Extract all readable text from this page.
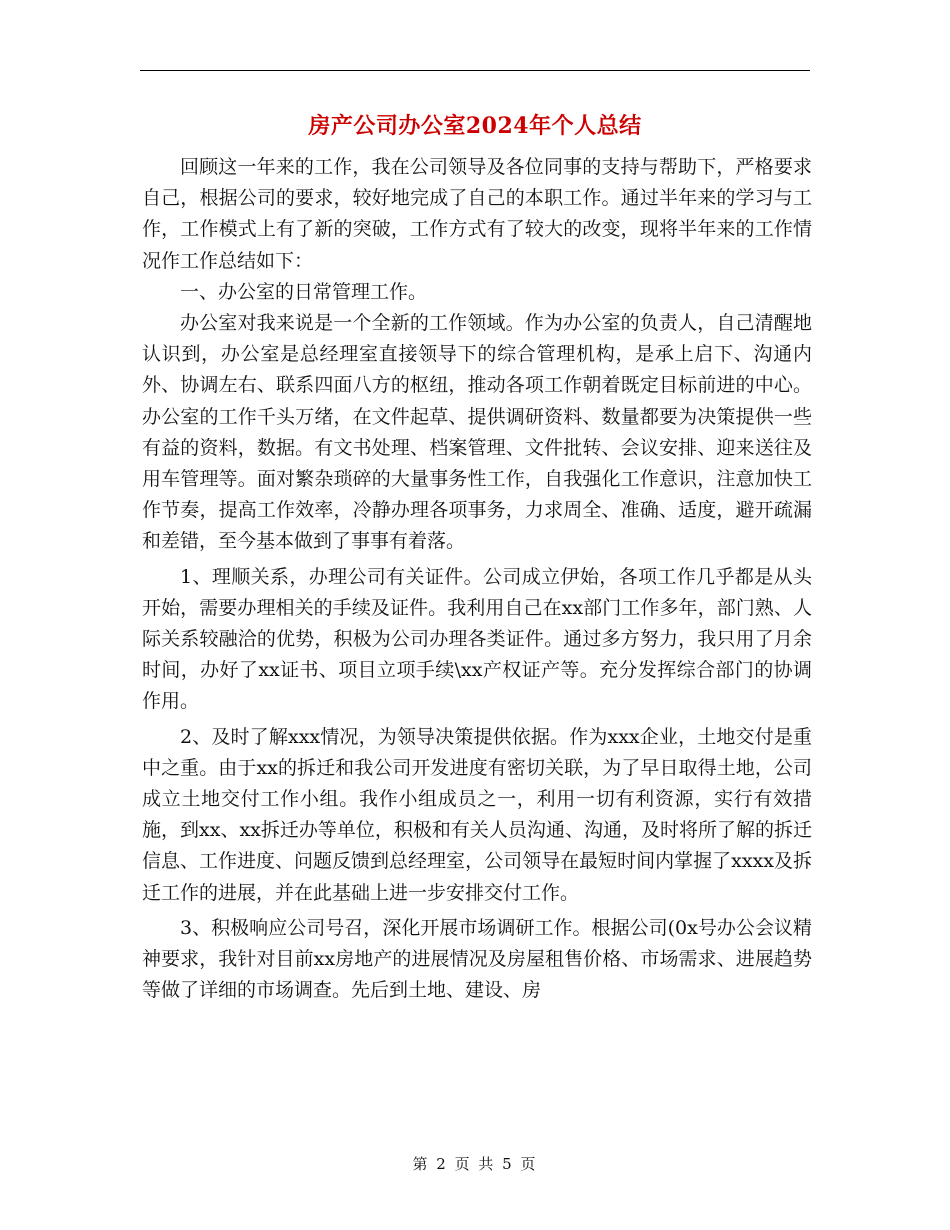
房产公司办公室2024年个人总结

回顾这一年来的工作，我在公司领导及各位同事的支持与帮助下，严格要求自己，根据公司的要求，较好地完成了自己的本职工作。通过半年来的学习与工作，工作模式上有了新的突破，工作方式有了较大的改变，现将半年来的工作情况作工作总结如下：

一、办公室的日常管理工作。

办公室对我来说是一个全新的工作领域。作为办公室的负责人，自己清醒地认识到，办公室是总经理室直接领导下的综合管理机构，是承上启下、沟通内外、协调左右、联系四面八方的枢纽，推动各项工作朝着既定目标前进的中心。办公室的工作千头万绪，在文件起草、提供调研资料、数量都要为决策提供一些有益的资料，数据。有文书处理、档案管理、文件批转、会议安排、迎来送往及用车管理等。面对繁杂琐碎的大量事务性工作，自我强化工作意识，注意加快工作节奏，提高工作效率，冷静办理各项事务，力求周全、准确、适度，避开疏漏和差错，至今基本做到了事事有着落。

1、理顺关系，办理公司有关证件。公司成立伊始，各项工作几乎都是从头开始，需要办理相关的手续及证件。我利用自己在xx部门工作多年，部门熟、人际关系较融洽的优势，积极为公司办理各类证件。通过多方努力，我只用了月余时间，办好了xx证书、项目立项手续\xx产权证产等。充分发挥综合部门的协调作用。

2、及时了解xxx情况，为领导决策提供依据。作为xxx企业，土地交付是重中之重。由于xx的拆迁和我公司开发进度有密切关联，为了早日取得土地，公司成立土地交付工作小组。我作小组成员之一，利用一切有利资源，实行有效措施，到xx、xx拆迁办等单位，积极和有关人员沟通、沟通，及时将所了解的拆迁信息、工作进度、问题反馈到总经理室，公司领导在最短时间内掌握了xxxx及拆迁工作的进展，并在此基础上进一步安排交付工作。

3、积极响应公司号召，深化开展市场调研工作。根据公司(0x号办公会议精神要求，我针对目前xx房地产的进展情况及房屋租售价格、市场需求、进展趋势等做了详细的市场调查。先后到土地、建设、房

第 2 页 共 5 页
